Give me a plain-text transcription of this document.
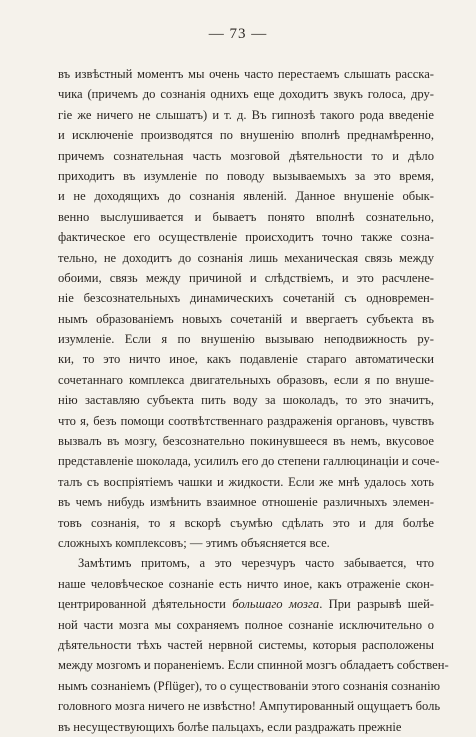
— 73 —
въ извѣстный моментъ мы очень часто перестаемъ слышать расска-
чика (причемъ до сознанія однихъ еще доходитъ звукъ голоса, дру-
гіе же ничего не слышатъ) и т. д. Въ гипнозѣ такого рода введеніе
и исключеніе производятся по внушенію вполнѣ преднамѣренно,
причемъ сознательная часть мозговой дѣятельности то и дѣло
приходитъ въ изумленіе по поводу вызываемыхъ за это время,
и не доходящихъ до сознанія явленій. Данное внушеніе обык-
венно выслушивается и бываетъ понято вполнѣ сознательно,
фактическое его осуществленіе происходитъ точно также созна-
тельно, не доходитъ до сознанія лишь механическая связь между
обоими, связь между причиной и слѣдствіемъ, и это расчлене-
ніе безсознательныхъ динамическихъ сочетаній съ одновремен-
нымъ образованіемъ новыхъ сочетаній и ввергаетъ субъекта въ
изумленіе. Если я по внушенію вызываю неподвижность ру-
ки, то это ничто иное, какъ подавленіе стараго автоматически
сочетаннаго комплекса двигательныхъ образовъ, если я по внуше-
нію заставляю субъекта пить воду за шоколадъ, то это значитъ,
что я, безъ помощи соотвѣтственнаго раздраженія органовъ, чувствъ
вызвалъ въ мозгу, безсознательно покинувшееся въ немъ, вкусовое
представленіе шоколада, усилилъ его до степени галлюцинаціи и соче-
талъ съ воспріятіемъ чашки и жидкости. Если же мнѣ удалось хоть
въ чемъ нибудь измѣнить взаимное отношеніе различныхъ элемен-
товъ сознанія, то я вскорѣ съумѣю сдѣлать это и для болѣе
сложныхъ комплексовъ; — этимъ объясняется все.
Замѣтимъ притомъ, а это черезчуръ часто забывается, что
наше человѣческое сознаніе есть ничто иное, какъ отраженіе скон-
центрированной дѣятельности большаго мозга. При разрывѣ шей-
ной части мозга мы сохраняемъ полное сознаніе исключительно о
дѣятельности тѣхъ частей нервной системы, которыя расположены
между мозгомъ и пораненіемъ. Если спинной мозгъ обладаетъ собствен-
нымъ сознаніемъ (Pflüger), то о существованіи этого сознанія сознанію
головного мозга ничего не извѣстно! Ампутированный ощущаетъ боль
въ несуществующихъ болѣе пальцахъ, если раздражать прежніе
